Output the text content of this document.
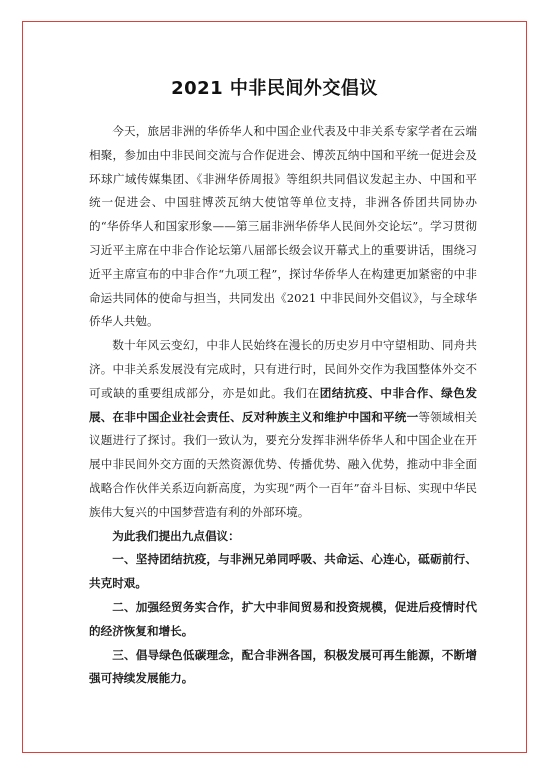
2021 中非民间外交倡议

今天，旅居非洲的华侨华人和中国企业代表及中非关系专家学者在云端相聚，参加由中非民间交流与合作促进会、博茨瓦纳中国和平统一促进会及环球广域传媒集团、《非洲华侨周报》等组织共同倡议发起主办、中国和平统一促进会、中国驻博茨瓦纳大使馆等单位支持，非洲各侨团共同协办的“华侨华人和国家形象——第三届非洲华侨华人民间外交论坛”。学习贯彻习近平主席在中非合作论坛第八届部长级会议开幕式上的重要讲话，围绕习近平主席宣布的中非合作“九项工程”，探讨华侨华人在构建更加紧密的中非命运共同体的使命与担当，共同发出《2021 中非民间外交倡议》，与全球华侨华人共勉。

数十年风云变幻，中非人民始终在漫长的历史岁月中守望相助、同舟共济。中非关系发展没有完成时，只有进行时，民间外交作为我国整体外交不可或缺的重要组成部分，亦是如此。我们在团结抗疫、中非合作、绿色发展、在非中国企业社会责任、反对种族主义和维护中国和平统一等领域相关议题进行了探讨。我们一致认为，要充分发挥非洲华侨华人和中国企业在开展中非民间外交方面的天然资源优势、传播优势、融入优势，推动中非全面战略合作伙伴关系迈向新高度，为实现“两个一百年”奋斗目标、实现中华民族伟大复兴的中国梦营造有利的外部环境。

为此我们提出九点倡议：

一、坚持团结抗疫，与非洲兄弟同呼吸、共命运、心连心，砥砺前行、共克时艰。

二、加强经贸务实合作，扩大中非间贸易和投资规模，促进后疫情时代的经济恢复和增长。

三、倡导绿色低碳理念，配合非洲各国，积极发展可再生能源，不断增强可持续发展能力。
